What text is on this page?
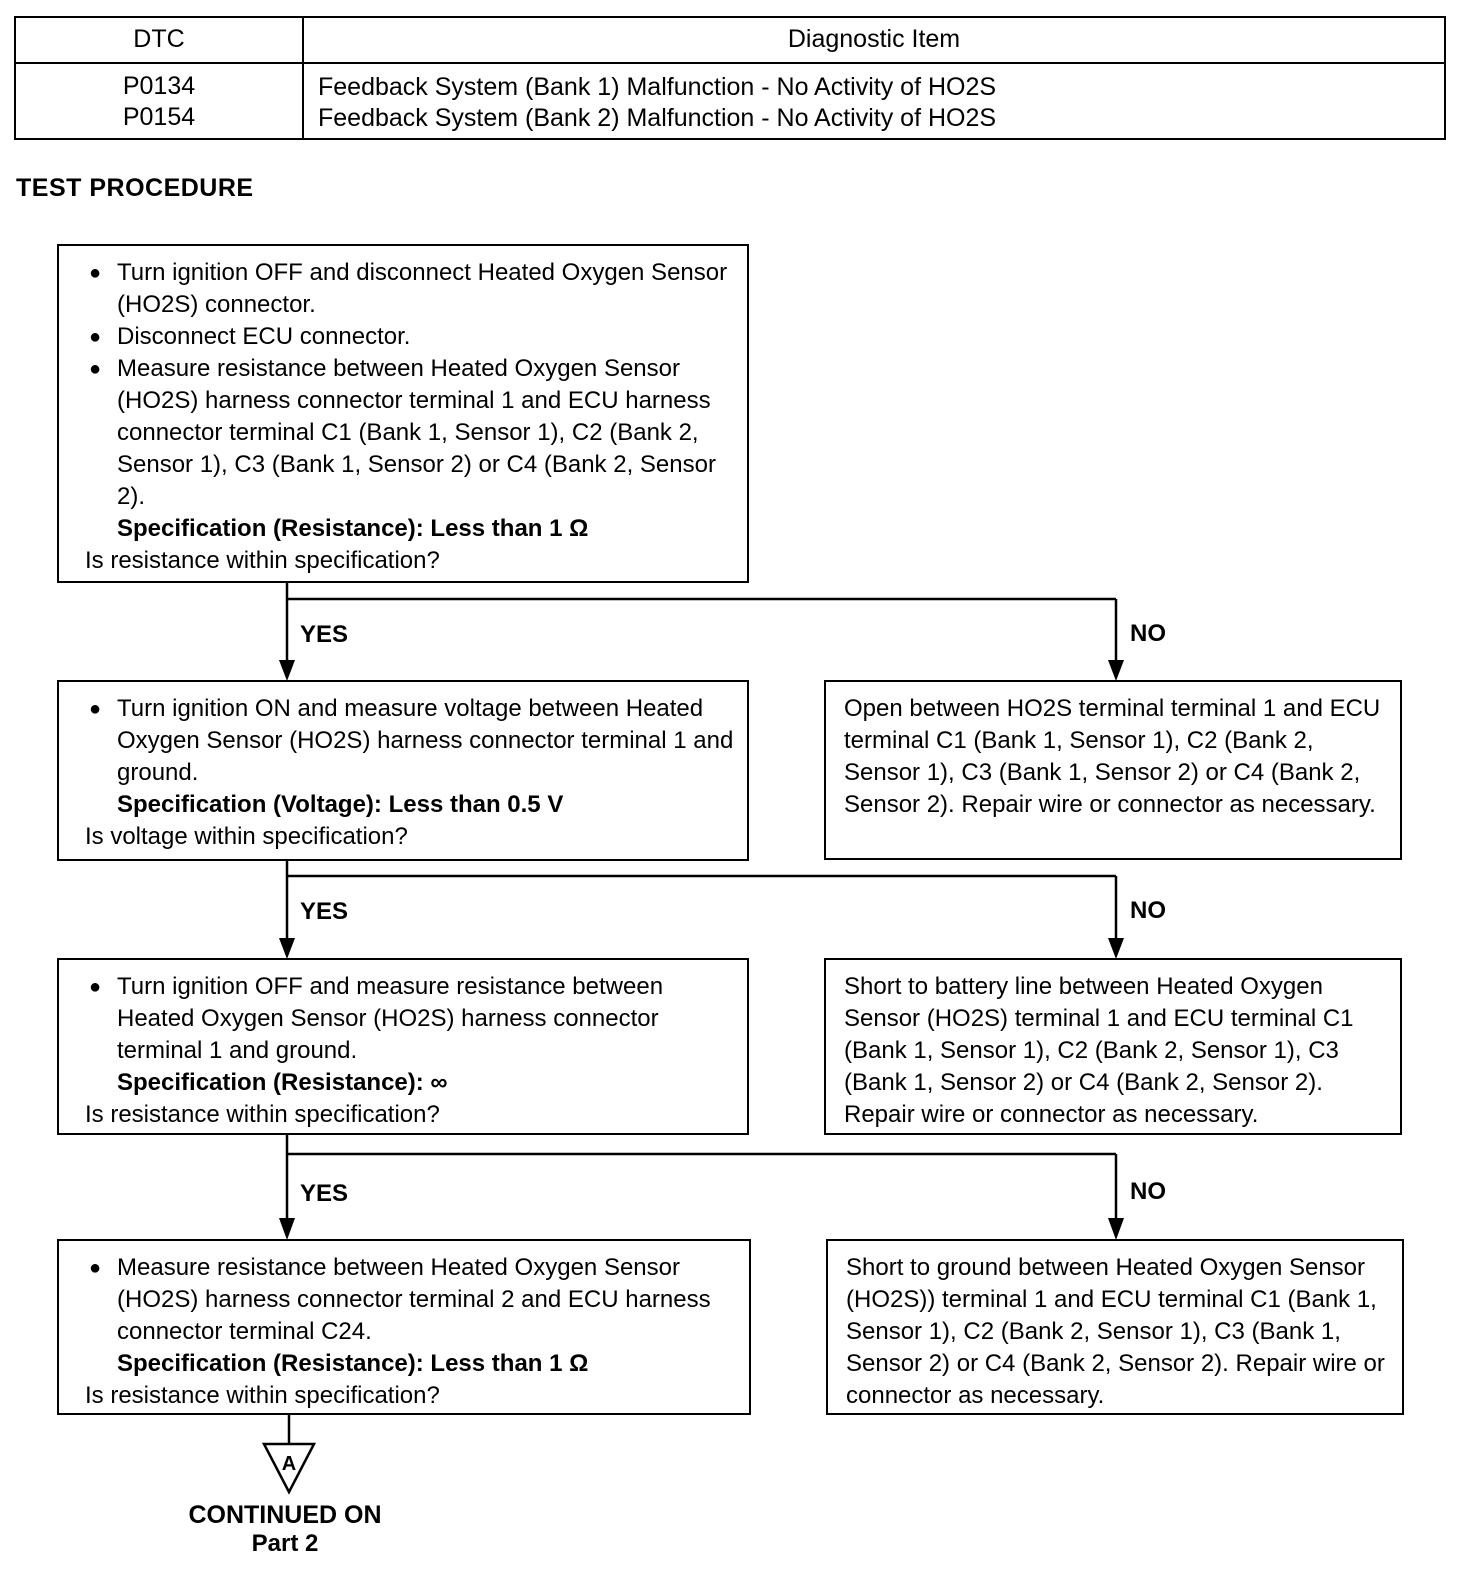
DTC	Diagnostic Item
P0134	Feedback System (Bank 1) Malfunction - No Activity of HO2S
P0154	Feedback System (Bank 2) Malfunction - No Activity of HO2S
TEST PROCEDURE
A
● Turn ignition OFF and disconnect Heated Oxygen Sensor (HO2S) connector.
● Disconnect ECU connector.
● Measure resistance between Heated Oxygen Sensor (HO2S) harness connector terminal 1 and ECU harness connector terminal C1 (Bank 1, Sensor 1), C2 (Bank 2, Sensor 1), C3 (Bank 1, Sensor 2) or C4 (Bank 2, Sensor 2).
Specification (Resistance): Less than 1 Ω
Is resistance within specification?
● Turn ignition ON and measure voltage between Heated Oxygen Sensor (HO2S) harness connector terminal 1 and ground.
Specification (Voltage): Less than 0.5 V
Is voltage within specification?
● Turn ignition OFF and measure resistance between Heated Oxygen Sensor (HO2S) harness connector terminal 1 and ground.
Specification (Resistance): ∞
Is resistance within specification?
● Measure resistance between Heated Oxygen Sensor (HO2S) harness connector terminal 2 and ECU harness connector terminal C24.
Specification (Resistance): Less than 1 Ω
Is resistance within specification?
Open between HO2S terminal terminal 1 and ECU terminal C1 (Bank 1, Sensor 1), C2 (Bank 2, Sensor 1), C3 (Bank 1, Sensor 2) or C4 (Bank 2, Sensor 2). Repair wire or connector as necessary.
Short to battery line between Heated Oxygen Sensor (HO2S) terminal 1 and ECU terminal C1 (Bank 1, Sensor 1), C2 (Bank 2, Sensor 1), C3 (Bank 1, Sensor 2) or C4 (Bank 2, Sensor 2). Repair wire or connector as necessary.
Short to ground between Heated Oxygen Sensor (HO2S)) terminal 1 and ECU terminal C1 (Bank 1, Sensor 1), C2 (Bank 2, Sensor 1), C3 (Bank 1, Sensor 2) or C4 (Bank 2, Sensor 2). Repair wire or connector as necessary.
YES	NO
YES	NO
YES	NO
CONTINUED ON
Part 2
